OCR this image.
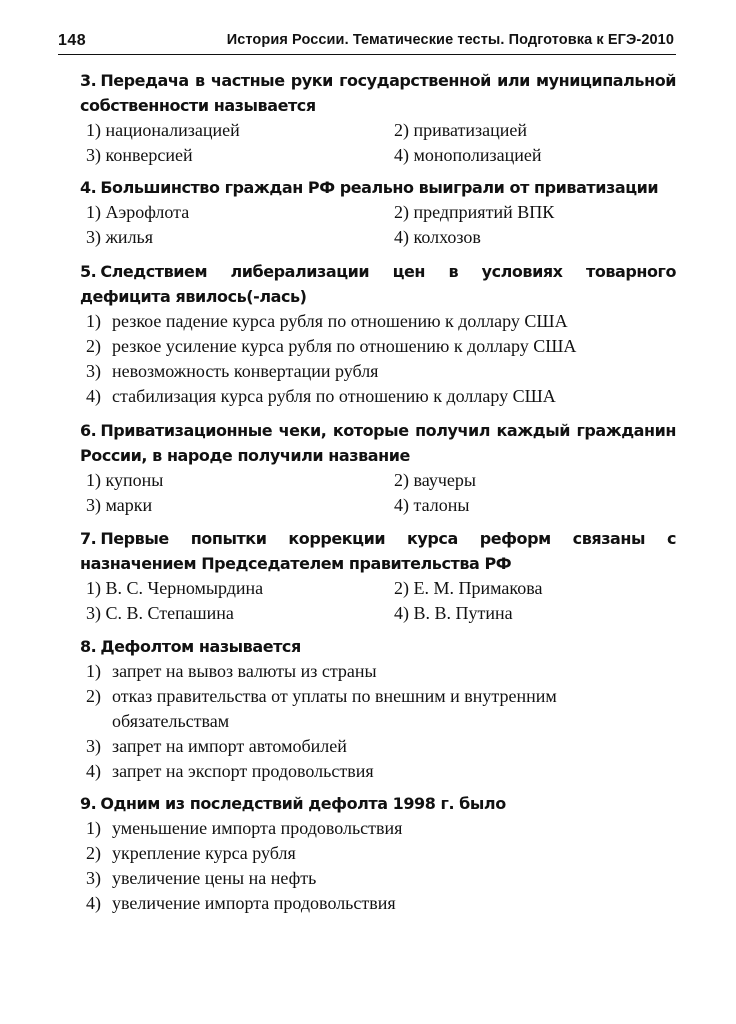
148	История России. Тематические тесты. Подготовка к ЕГЭ-2010
3. Передача в частные руки государственной или муниципальной собственности называется
1) национализацией	2) приватизацией
3) конверсией	4) монополизацией
4. Большинство граждан РФ реально выиграли от приватизации
1) Аэрофлота	2) предприятий ВПК
3) жилья	4) колхозов
5. Следствием либерализации цен в условиях товарного дефицита явилось(-лась)
1) резкое падение курса рубля по отношению к доллару США
2) резкое усиление курса рубля по отношению к доллару США
3) невозможность конвертации рубля
4) стабилизация курса рубля по отношению к доллару США
6. Приватизационные чеки, которые получил каждый гражданин России, в народе получили название
1) купоны	2) ваучеры
3) марки	4) талоны
7. Первые попытки коррекции курса реформ связаны с назначением Председателем правительства РФ
1) В. С. Черномырдина	2) Е. М. Примакова
3) С. В. Степашина	4) В. В. Путина
8. Дефолтом называется
1) запрет на вывоз валюты из страны
2) отказ правительства от уплаты по внешним и внутренним обязательствам
3) запрет на импорт автомобилей
4) запрет на экспорт продовольствия
9. Одним из последствий дефолта 1998 г. было
1) уменьшение импорта продовольствия
2) укрепление курса рубля
3) увеличение цены на нефть
4) увеличение импорта продовольствия
